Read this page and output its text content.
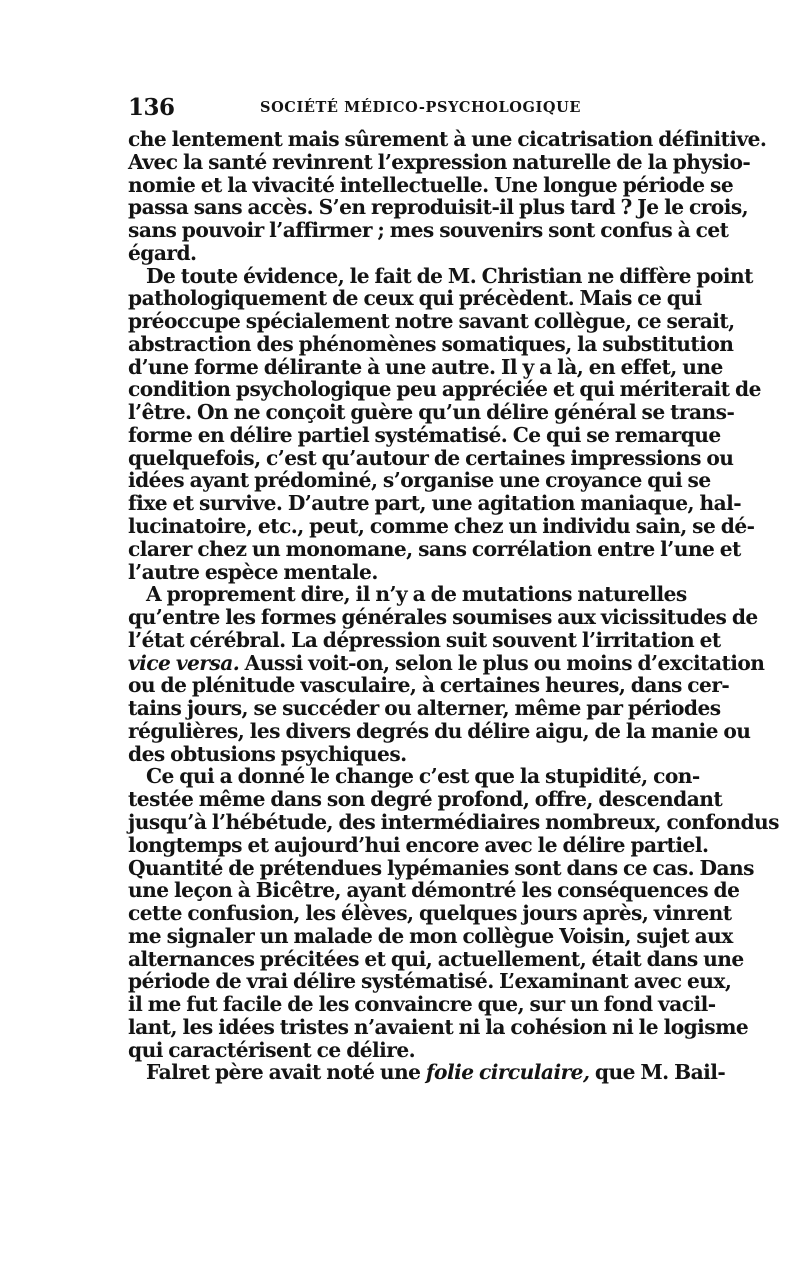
136	SOCIÉTÉ MÉDICO-PSYCHOLOGIQUE
che lentement mais sûrement à une cicatrisation définitive.
Avec la santé revinrent l’expression naturelle de la physio-
nomie et la vivacité intellectuelle. Une longue période se
passa sans accès. S’en reproduisit-il plus tard ? Je le crois,
sans pouvoir l’affirmer ; mes souvenirs sont confus à cet
égard.
De toute évidence, le fait de M. Christian ne diffère point
pathologiquement de ceux qui précèdent. Mais ce qui
préoccupe spécialement notre savant collègue, ce serait,
abstraction des phénomènes somatiques, la substitution
d’une forme délirante à une autre. Il y a là, en effet, une
condition psychologique peu appréciée et qui mériterait de
l’être. On ne conçoit guère qu’un délire général se trans-
forme en délire partiel systématisé. Ce qui se remarque
quelquefois, c’est qu’autour de certaines impressions ou
idées ayant prédominé, s’organise une croyance qui se
fixe et survive. D’autre part, une agitation maniaque, hal-
lucinatoire, etc., peut, comme chez un individu sain, se dé-
clarer chez un monomane, sans corrélation entre l’une et
l’autre espèce mentale.
A proprement dire, il n’y a de mutations naturelles
qu’entre les formes générales soumises aux vicissitudes de
l’état cérébral. La dépression suit souvent l’irritation et
vice versa. Aussi voit-on, selon le plus ou moins d’excitation
ou de plénitude vasculaire, à certaines heures, dans cer-
tains jours, se succéder ou alterner, même par périodes
régulières, les divers degrés du délire aigu, de la manie ou
des obtusions psychiques.
Ce qui a donné le change c’est que la stupidité, con-
testée même dans son degré profond, offre, descendant
jusqu’à l’hébétude, des intermédiaires nombreux, confondus
longtemps et aujourd’hui encore avec le délire partiel.
Quantité de prétendues lypémanies sont dans ce cas. Dans
une leçon à Bicêtre, ayant démontré les conséquences de
cette confusion, les élèves, quelques jours après, vinrent
me signaler un malade de mon collègue Voisin, sujet aux
alternances précitées et qui, actuellement, était dans une
période de vrai délire systématisé. L’examinant avec eux,
il me fut facile de les convaincre que, sur un fond vacil-
lant, les idées tristes n’avaient ni la cohésion ni le logisme
qui caractérisent ce délire.
Falret père avait noté une folie circulaire, que M. Bail-
